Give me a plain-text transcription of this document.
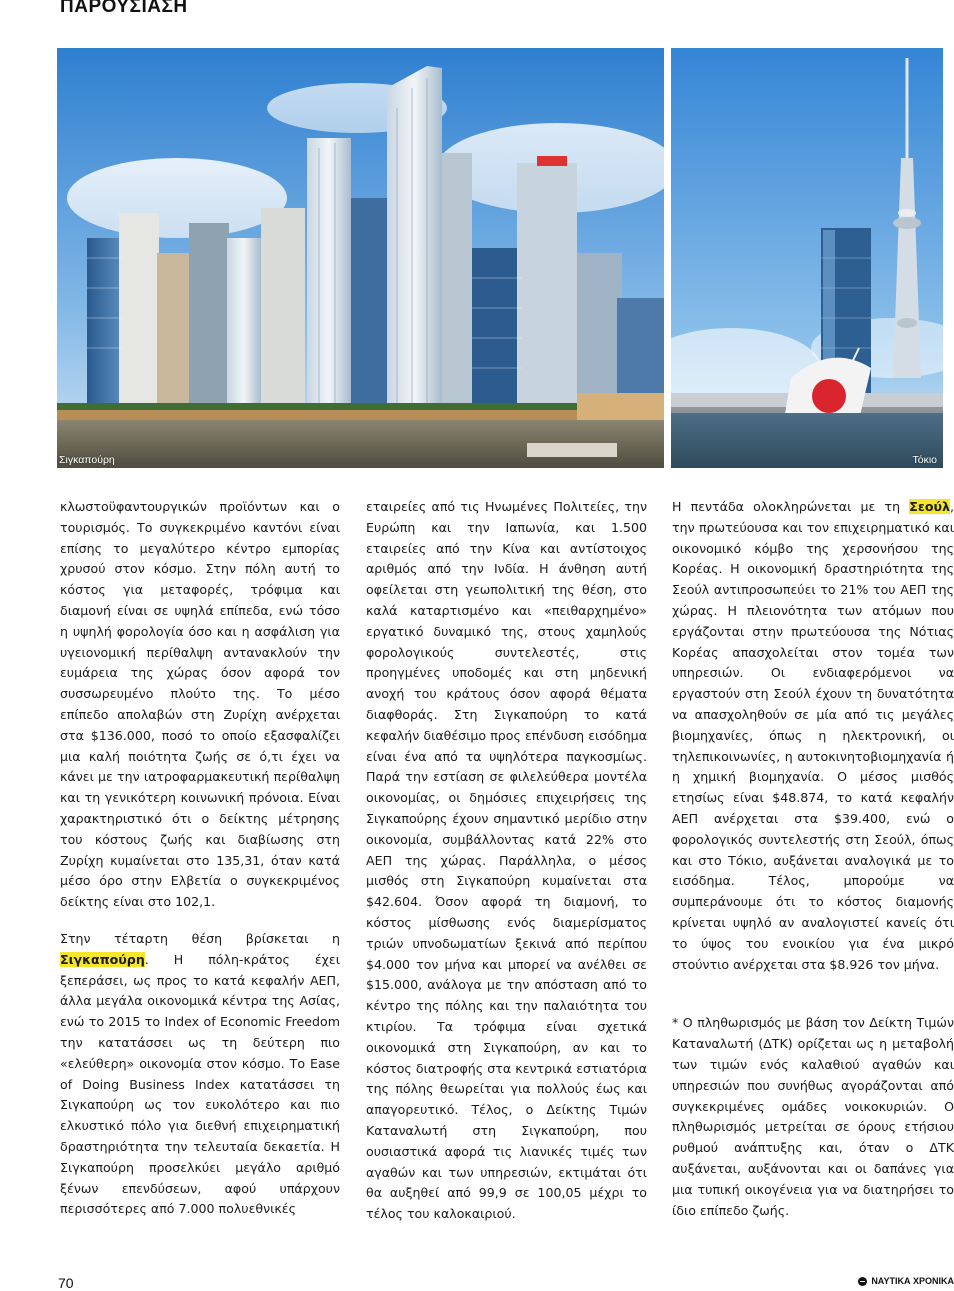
ΠΑΡΟΥΣΙΑΣΗ
Σιγκαπούρη	Τόκιο

κλωστοϋφαντουργικών προϊόντων και ο τουρισμός. Το συγκεκριμένο καντόνι είναι επίσης το μεγαλύτερο κέντρο εμπορίας χρυσού στον κόσμο. Στην πόλη αυτή το κόστος για μεταφορές, τρόφιμα και διαμονή είναι σε υψηλά επίπεδα, ενώ τόσο η υψηλή φορολογία όσο και η ασφάλιση για υγειονομική περίθαλψη αντανακλούν την ευμάρεια της χώρας όσον αφορά τον συσσωρευμένο πλούτο της. Το μέσο επίπεδο απολαβών στη Ζυρίχη ανέρχεται στα $136.000, ποσό το οποίο εξασφαλίζει μια καλή ποιότητα ζωής σε ό,τι έχει να κάνει με την ιατροφαρμακευτική περίθαλψη και τη γενικότερη κοινωνική πρόνοια. Είναι χαρακτηριστικό ότι ο δείκτης μέτρησης του κόστους ζωής και διαβίωσης στη Ζυρίχη κυμαίνεται στο 135,31, όταν κατά μέσο όρο στην Ελβετία ο συγκεκριμένος δείκτης είναι στο 102,1.

Στην τέταρτη θέση βρίσκεται η Σιγκαπούρη. Η πόλη-κράτος έχει ξεπεράσει, ως προς το κατά κεφαλήν ΑΕΠ, άλλα μεγάλα οικονομικά κέντρα της Ασίας, ενώ το 2015 το Index of Economic Freedom την κατατάσσει ως τη δεύτερη πιο «ελεύθερη» οικονομία στον κόσμο. Το Ease of Doing Business Index κατατάσσει τη Σιγκαπούρη ως τον ευκολότερο και πιο ελκυστικό πόλο για διεθνή επιχειρηματική δραστηριότητα την τελευταία δεκαετία. Η Σιγκαπούρη προσελκύει μεγάλο αριθμό ξένων επενδύσεων, αφού υπάρχουν περισσότερες από 7.000 πολυεθνικές

εταιρείες από τις Ηνωμένες Πολιτείες, την Ευρώπη και την Ιαπωνία, και 1.500 εταιρείες από την Κίνα και αντίστοιχος αριθμός από την Ινδία. Η άνθηση αυτή οφείλεται στη γεωπολιτική της θέση, στο καλά καταρτισμένο και «πειθαρχημένο» εργατικό δυναμικό της, στους χαμηλούς φορολογικούς συντελεστές, στις προηγμένες υποδομές και στη μηδενική ανοχή του κράτους όσον αφορά θέματα διαφθοράς. Στη Σιγκαπούρη το κατά κεφαλήν διαθέσιμο προς επένδυση εισόδημα είναι ένα από τα υψηλότερα παγκοσμίως. Παρά την εστίαση σε φιλελεύθερα μοντέλα οικονομίας, οι δημόσιες επιχειρήσεις της Σιγκαπούρης έχουν σημαντικό μερίδιο στην οικονομία, συμβάλλοντας κατά 22% στο ΑΕΠ της χώρας. Παράλληλα, ο μέσος μισθός στη Σιγκαπούρη κυμαίνεται στα $42.604. Όσον αφορά τη διαμονή, το κόστος μίσθωσης ενός διαμερίσματος τριών υπνοδωματίων ξεκινά από περίπου $4.000 τον μήνα και μπορεί να ανέλθει σε $15.000, ανάλογα με την απόσταση από το κέντρο της πόλης και την παλαιότητα του κτιρίου. Τα τρόφιμα είναι σχετικά οικονομικά στη Σιγκαπούρη, αν και το κόστος διατροφής στα κεντρικά εστιατόρια της πόλης θεωρείται για πολλούς έως και απαγορευτικό. Τέλος, ο Δείκτης Τιμών Καταναλωτή στη Σιγκαπούρη, που ουσιαστικά αφορά τις λιανικές τιμές των αγαθών και των υπηρεσιών, εκτιμάται ότι θα αυξηθεί από 99,9 σε 100,05 μέχρι το τέλος του καλοκαιριού.

Η πεντάδα ολοκληρώνεται με τη Σεούλ, την πρωτεύουσα και τον επιχειρηματικό και οικονομικό κόμβο της χερσονήσου της Κορέας. Η οικονομική δραστηριότητα της Σεούλ αντιπροσωπεύει το 21% του ΑΕΠ της χώρας. Η πλειονότητα των ατόμων που εργάζονται στην πρωτεύουσα της Νότιας Κορέας απασχολείται στον τομέα των υπηρεσιών. Οι ενδιαφερόμενοι να εργαστούν στη Σεούλ έχουν τη δυνατότητα να απασχοληθούν σε μία από τις μεγάλες βιομηχανίες, όπως η ηλεκτρονική, οι τηλεπικοινωνίες, η αυτοκινητοβιομηχανία ή η χημική βιομηχανία. Ο μέσος μισθός ετησίως είναι $48.874, το κατά κεφαλήν ΑΕΠ ανέρχεται στα $39.400, ενώ ο φορολογικός συντελεστής στη Σεούλ, όπως και στο Τόκιο, αυξάνεται αναλογικά με το εισόδημα. Τέλος, μπορούμε να συμπεράνουμε ότι το κόστος διαμονής κρίνεται υψηλό αν αναλογιστεί κανείς ότι το ύψος του ενοικίου για ένα μικρό στούντιο ανέρχεται στα $8.926 τον μήνα.

* Ο πληθωρισμός με βάση τον Δείκτη Τιμών Καταναλωτή (ΔΤΚ) ορίζεται ως η μεταβολή των τιμών ενός καλαθιού αγαθών και υπηρεσιών που συνήθως αγοράζονται από συγκεκριμένες ομάδες νοικοκυριών. Ο πληθωρισμός μετρείται σε όρους ετήσιου ρυθμού ανάπτυξης και, όταν ο ΔΤΚ αυξάνεται, αυξάνονται και οι δαπάνες για μια τυπική οικογένεια για να διατηρήσει το ίδιο επίπεδο ζωής.

70	ΝΑΥΤΙΚΑ ΧΡΟΝΙΚΑ
